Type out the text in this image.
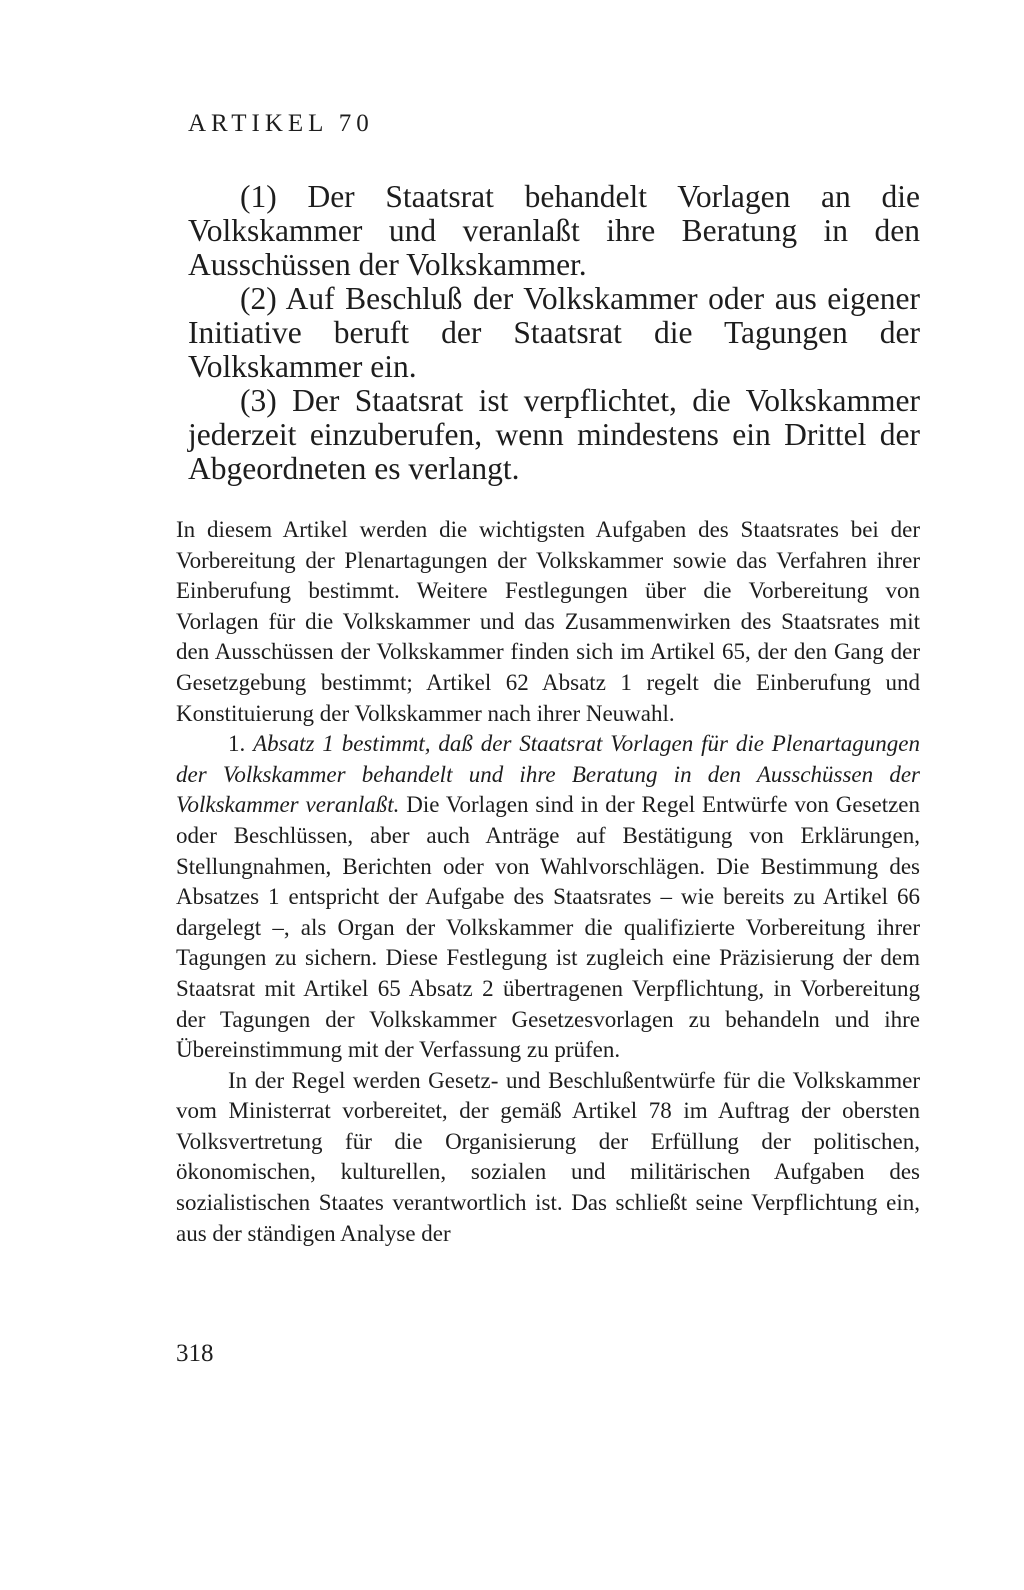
ARTIKEL 70

(1) Der Staatsrat behandelt Vorlagen an die Volkskammer und veranlaßt ihre Beratung in den Ausschüssen der Volkskammer.

(2) Auf Beschluß der Volkskammer oder aus eigener Initiative beruft der Staatsrat die Tagungen der Volkskammer ein.

(3) Der Staatsrat ist verpflichtet, die Volkskammer jederzeit einzuberufen, wenn mindestens ein Drittel der Abgeordneten es verlangt.

In diesem Artikel werden die wichtigsten Aufgaben des Staatsrates bei der Vorbereitung der Plenartagungen der Volkskammer sowie das Verfahren ihrer Einberufung bestimmt. Weitere Festlegungen über die Vorbereitung von Vorlagen für die Volkskammer und das Zusammenwirken des Staatsrates mit den Ausschüssen der Volkskammer finden sich im Artikel 65, der den Gang der Gesetzgebung bestimmt; Artikel 62 Absatz 1 regelt die Einberufung und Konstituierung der Volkskammer nach ihrer Neuwahl.

1. Absatz 1 bestimmt, daß der Staatsrat Vorlagen für die Plenartagungen der Volkskammer behandelt und ihre Beratung in den Ausschüssen der Volkskammer veranlaßt. Die Vorlagen sind in der Regel Entwürfe von Gesetzen oder Beschlüssen, aber auch Anträge auf Bestätigung von Erklärungen, Stellungnahmen, Berichten oder von Wahlvorschlägen. Die Bestimmung des Absatzes 1 entspricht der Aufgabe des Staatsrates – wie bereits zu Artikel 66 dargelegt –, als Organ der Volkskammer die qualifizierte Vorbereitung ihrer Tagungen zu sichern. Diese Festlegung ist zugleich eine Präzisierung der dem Staatsrat mit Artikel 65 Absatz 2 übertragenen Verpflichtung, in Vorbereitung der Tagungen der Volkskammer Gesetzesvorlagen zu behandeln und ihre Übereinstimmung mit der Verfassung zu prüfen.

In der Regel werden Gesetz- und Beschlußentwürfe für die Volkskammer vom Ministerrat vorbereitet, der gemäß Artikel 78 im Auftrag der obersten Volksvertretung für die Organisierung der Erfüllung der politischen, ökonomischen, kulturellen, sozialen und militärischen Aufgaben des sozialistischen Staates verantwortlich ist. Das schließt seine Verpflichtung ein, aus der ständigen Analyse der

318
